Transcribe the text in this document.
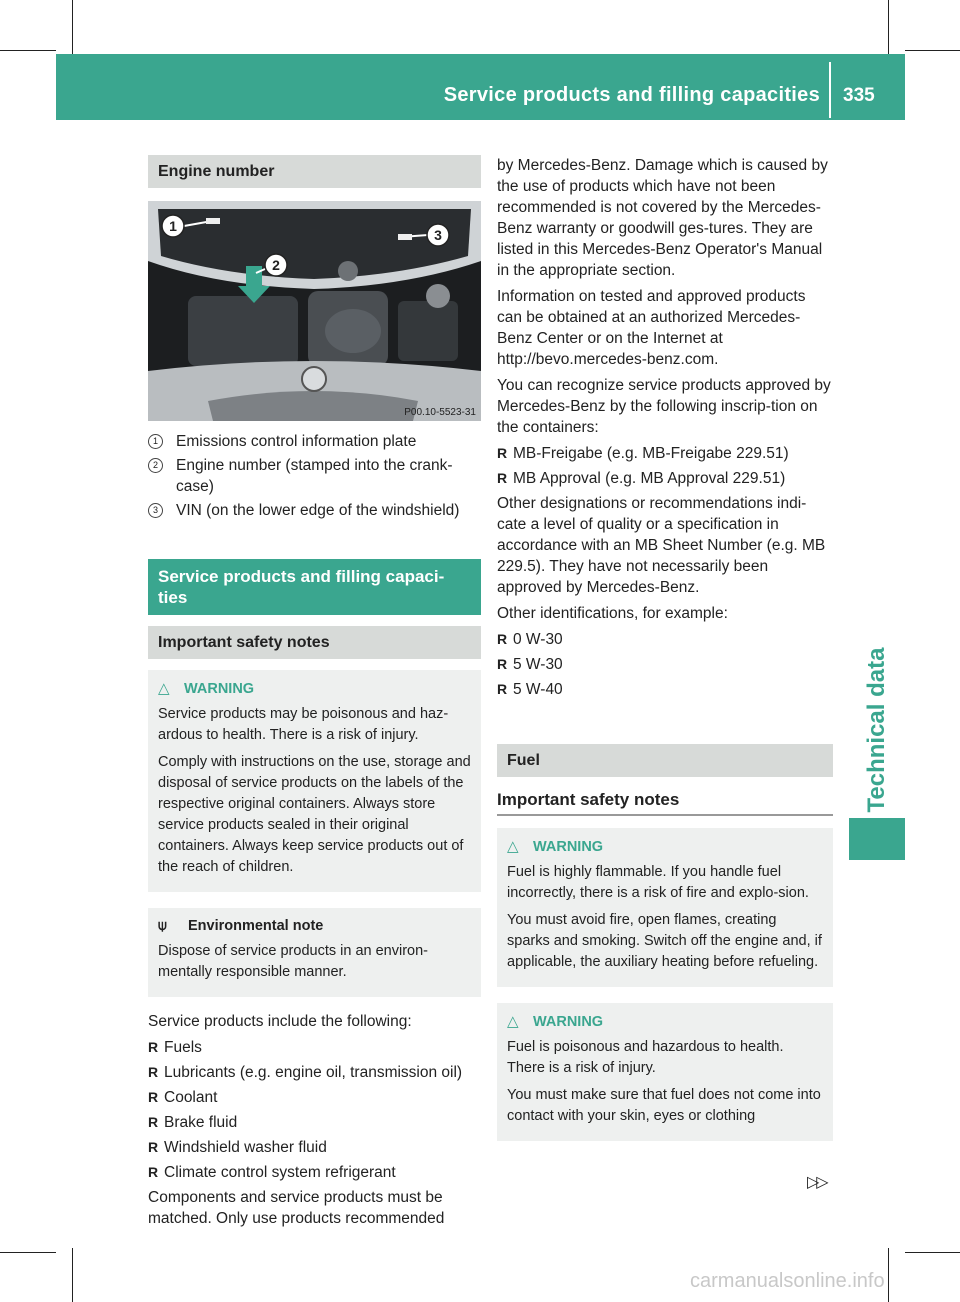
Service products and filling capacities 335
Technical data
Engine number
1
2
3
P00.10-5523-31
1	Emissions control information plate
2	Engine number (stamped into the crank-case)
3	VIN (on the lower edge of the windshield)
Service products and filling capaci-ties
Important safety notes
△ WARNING

Service products may be poisonous and haz-ardous to health. There is a risk of injury.

Comply with instructions on the use, storage and disposal of service products on the labels of the respective original containers. Always store service products sealed in their original containers. Always keep service products out of the reach of children.

⍦ Environmental note

Dispose of service products in an environ-mentally responsible manner.

Service products include the following:

R Fuels
R Lubricants (e.g. engine oil, transmission oil)
R Coolant
R Brake fluid
R Windshield washer fluid
R Climate control system refrigerant

Components and service products must be matched. Only use products recommended

by Mercedes-Benz. Damage which is caused by the use of products which have not been recommended is not covered by the Mercedes-Benz warranty or goodwill ges-tures. They are listed in this Mercedes-Benz Operator's Manual in the appropriate section.

Information on tested and approved products can be obtained at an authorized Mercedes-Benz Center or on the Internet at http://bevo.mercedes-benz.com.

You can recognize service products approved by Mercedes-Benz by the following inscrip-tion on the containers:

R MB-Freigabe (e.g. MB-Freigabe 229.51)
R MB Approval (e.g. MB Approval 229.51)

Other designations or recommendations indi-cate a level of quality or a specification in accordance with an MB Sheet Number (e.g. MB 229.5). They have not necessarily been approved by Mercedes-Benz.

Other identifications, for example:

R 0 W-30
R 5 W-30
R 5 W-40
Fuel
Important safety notes
△ WARNING

Fuel is highly flammable. If you handle fuel incorrectly, there is a risk of fire and explo-sion.

You must avoid fire, open flames, creating sparks and smoking. Switch off the engine and, if applicable, the auxiliary heating before refueling.

△ WARNING

Fuel is poisonous and hazardous to health. There is a risk of injury.

You must make sure that fuel does not come into contact with your skin, eyes or clothing

▷▷
carmanualsonline.info
